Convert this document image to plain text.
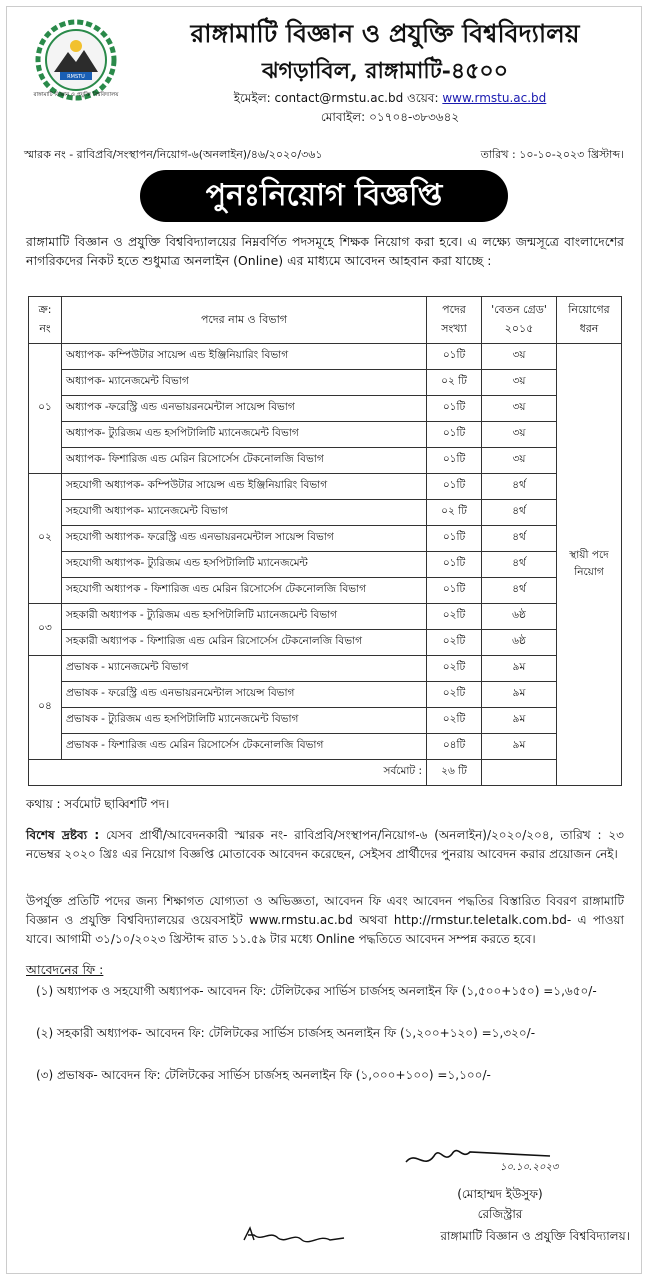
RMSTU
রাঙ্গামাটি বিজ্ঞান ও প্রযুক্তি বিশ্ববিদ্যালয়
রাঙ্গামাটি বিজ্ঞান ও প্রযুক্তি বিশ্ববিদ্যালয়
ঝগড়াবিল, রাঙ্গামাটি-৪৫০০
ইমেইল: contact@rmstu.ac.bd ওয়েব: www.rmstu.ac.bd
মোবাইল: ০১৭০৪-৩৮৩৬৪২
স্মারক নং - রাবিপ্রবি/সংস্থাপন/নিয়োগ-৬(অনলাইন)/৪৬/২০২০/৩৬১	তারিখ : ১০-১০-২০২৩ খ্রিস্টাব্দ।
পুনঃনিয়োগ বিজ্ঞপ্তি
রাঙ্গামাটি বিজ্ঞান ও প্রযুক্তি বিশ্ববিদ্যালয়ের নিম্নবর্ণিত পদসমূহে শিক্ষক নিয়োগ করা হবে। এ লক্ষ্যে জন্মসূত্রে বাংলাদেশের নাগরিকদের নিকট হতে শুধুমাত্র অনলাইন (Online) এর মাধ্যমে আবেদন আহবান করা যাচ্ছে :
ক্র: নং	পদের নাম ও বিভাগ	পদের সংখ্যা	'বেতন গ্রেড' ২০১৫	নিয়োগের ধরন
০১	অধ্যাপক- কম্পিউটার সায়েন্স এন্ড ইঞ্জিনিয়ারিং বিভাগ	০১টি	৩য়	স্থায়ী পদে নিয়োগ
	অধ্যাপক- ম্যানেজমেন্ট বিভাগ	০২ টি	৩য়	
	অধ্যাপক -ফরেস্ট্রি এন্ড এনভায়রনমেন্টাল সায়েন্স বিভাগ	০১টি	৩য়	
	অধ্যাপক- ট্যুরিজম এন্ড হসপিটালিটি ম্যানেজমেন্ট বিভাগ	০১টি	৩য়	
	অধ্যাপক- ফিশারিজ এন্ড মেরিন রিসোর্সেস টেকনোলজি বিভাগ	০১টি	৩য়	
০২	সহযোগী অধ্যাপক- কম্পিউটার সায়েন্স এন্ড ইঞ্জিনিয়ারিং বিভাগ	০১টি	৪র্থ	
	সহযোগী অধ্যাপক- ম্যানেজমেন্ট বিভাগ	০২ টি	৪র্থ	
	সহযোগী অধ্যাপক- ফরেস্ট্রি এন্ড এনভায়রনমেন্টাল সায়েন্স বিভাগ	০১টি	৪র্থ	
	সহযোগী অধ্যাপক- ট্যুরিজম এন্ড হসপিটালিটি ম্যানেজমেন্ট	০১টি	৪র্থ	
	সহযোগী অধ্যাপক - ফিশারিজ এন্ড মেরিন রিসোর্সেস টেকনোলজি বিভাগ	০১টি	৪র্থ	
০৩	সহকারী অধ্যাপক - ট্যুরিজম এন্ড হসপিটালিটি ম্যানেজমেন্ট বিভাগ	০২টি	৬ষ্ঠ	
	সহকারী অধ্যাপক - ফিশারিজ এন্ড মেরিন রিসোর্সেস টেকনোলজি বিভাগ	০২টি	৬ষ্ঠ	
০৪	প্রভাষক - ম্যানেজমেন্ট বিভাগ	০২টি	৯ম	
	প্রভাষক - ফরেস্ট্রি এন্ড এনভায়রনমেন্টাল সায়েন্স বিভাগ	০২টি	৯ম	
	প্রভাষক - ট্যুরিজম এন্ড হসপিটালিটি ম্যানেজমেন্ট বিভাগ	০২টি	৯ম	
	প্রভাষক - ফিশারিজ এন্ড মেরিন রিসোর্সেস টেকনোলজি বিভাগ	০৪টি	৯ম	
সর্বমোট :		২৬ টি		
কথায় : সর্বমোট ছাব্বিশটি পদ।
বিশেষ দ্রষ্টব্য : যেসব প্রার্থী/আবেদনকারী স্মারক নং- রাবিপ্রবি/সংস্থাপন/নিয়োগ-৬ (অনলাইন)/২০২০/২০৪, তারিখ : ২৩ নভেম্বর ২০২০ খ্রিঃ এর নিয়োগ বিজ্ঞপ্তি মোতাবেক আবেদন করেছেন, সেইসব প্রার্থীদের পুনরায় আবেদন করার প্রয়োজন নেই।
উপর্যুক্ত প্রতিটি পদের জন্য শিক্ষাগত যোগ্যতা ও অভিজ্ঞতা, আবেদন ফি এবং আবেদন পদ্ধতির বিস্তারিত বিবরণ রাঙ্গামাটি বিজ্ঞান ও প্রযুক্তি বিশ্ববিদ্যালয়ের ওয়েবসাইট www.rmstu.ac.bd অথবা http://rmstur.teletalk.com.bd- এ পাওয়া যাবে। আগামী ৩১/১০/২০২৩ খ্রিস্টাব্দ রাত ১১.৫৯ টার মধ্যে Online পদ্ধতিতে আবেদন সম্পন্ন করতে হবে।
আবেদনের ফি :
(১) অধ্যাপক ও সহযোগী অধ্যাপক- আবেদন ফি: টেলিটকের সার্ভিস চার্জসহ অনলাইন ফি (১,৫০০+১৫০) =১,৬৫০/-
(২) সহকারী অধ্যাপক- আবেদন ফি: টেলিটকের সার্ভিস চার্জসহ অনলাইন ফি (১,২০০+১২০) =১,৩২০/-
(৩) প্রভাষক- আবেদন ফি: টেলিটকের সার্ভিস চার্জসহ অনলাইন ফি (১,০০০+১০০) =১,১০০/-
১০.১০.২০২৩
(মোহাম্মদ ইউসুফ)
রেজিস্ট্রার
রাঙ্গামাটি বিজ্ঞান ও প্রযুক্তি বিশ্ববিদ্যালয়।
